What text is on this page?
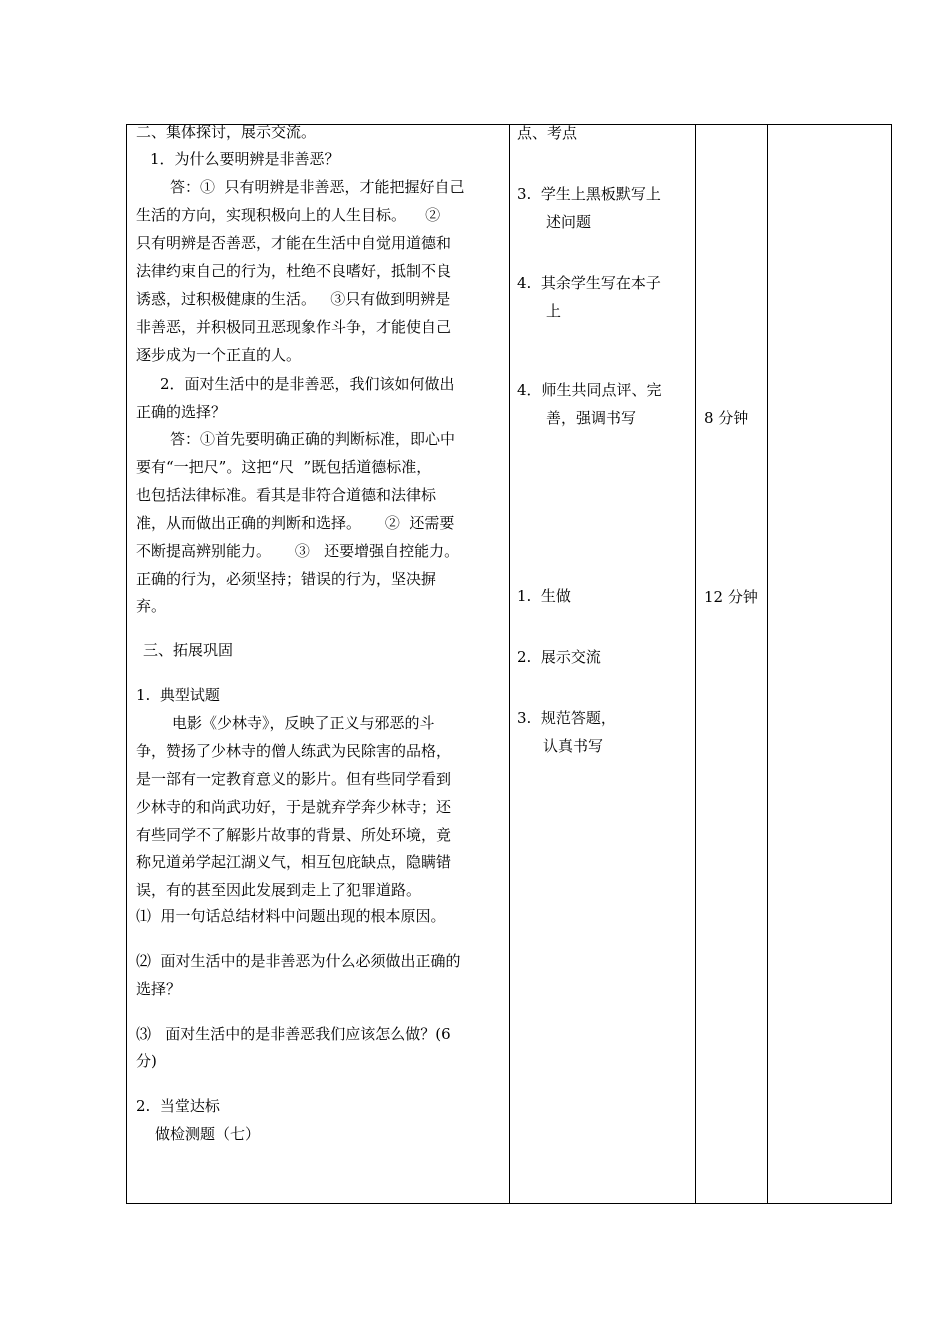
二、集体探讨，展示交流。
1．为什么要明辨是非善恶？
答：①  只有明辨是非善恶，才能把握好自己
生活的方向，实现积极向上的人生目标。    ②
只有明辨是否善恶，才能在生活中自觉用道德和
法律约束自己的行为，杜绝不良嗜好，抵制不良
诱惑，过积极健康的生活。   ③只有做到明辨是
非善恶，并积极同丑恶现象作斗争，才能使自己
逐步成为一个正直的人。
2．面对生活中的是非善恶，我们该如何做出
正确的选择？
答：①首先要明确正确的判断标准，即心中
要有“一把尺”。这把“尺  ”既包括道德标准，
也包括法律标准。看其是非符合道德和法律标
准，从而做出正确的判断和选择。     ②  还需要
不断提高辨别能力。     ③   还要增强自控能力。
正确的行为，必须坚持；错误的行为，坚决摒
弃。
三、拓展巩固
1.  典型试题
电影《少林寺》，反映了正义与邪恶的斗
争，赞扬了少林寺的僧人练武为民除害的品格，
是一部有一定教育意义的影片。但有些同学看到
少林寺的和尚武功好，于是就弃学奔少林寺；还
有些同学不了解影片故事的背景、所处环境，竟
称兄道弟学起江湖义气，相互包庇缺点，隐瞒错
误，有的甚至因此发展到走上了犯罪道路。
⑴  用一句话总结材料中问题出现的根本原因。
⑵  面对生活中的是非善恶为什么必须做出正确的
选择？
⑶   面对生活中的是非善恶我们应该怎么做？(6
分)
2.  当堂达标
做检测题（七）
点、考点
3.  学生上黑板默写上
述问题
4.  其余学生写在本子
上
4．师生共同点评、完
善，强调书写
1.  生做
2.  展示交流
3.  规范答题，
认真书写
8 分钟
12 分钟
